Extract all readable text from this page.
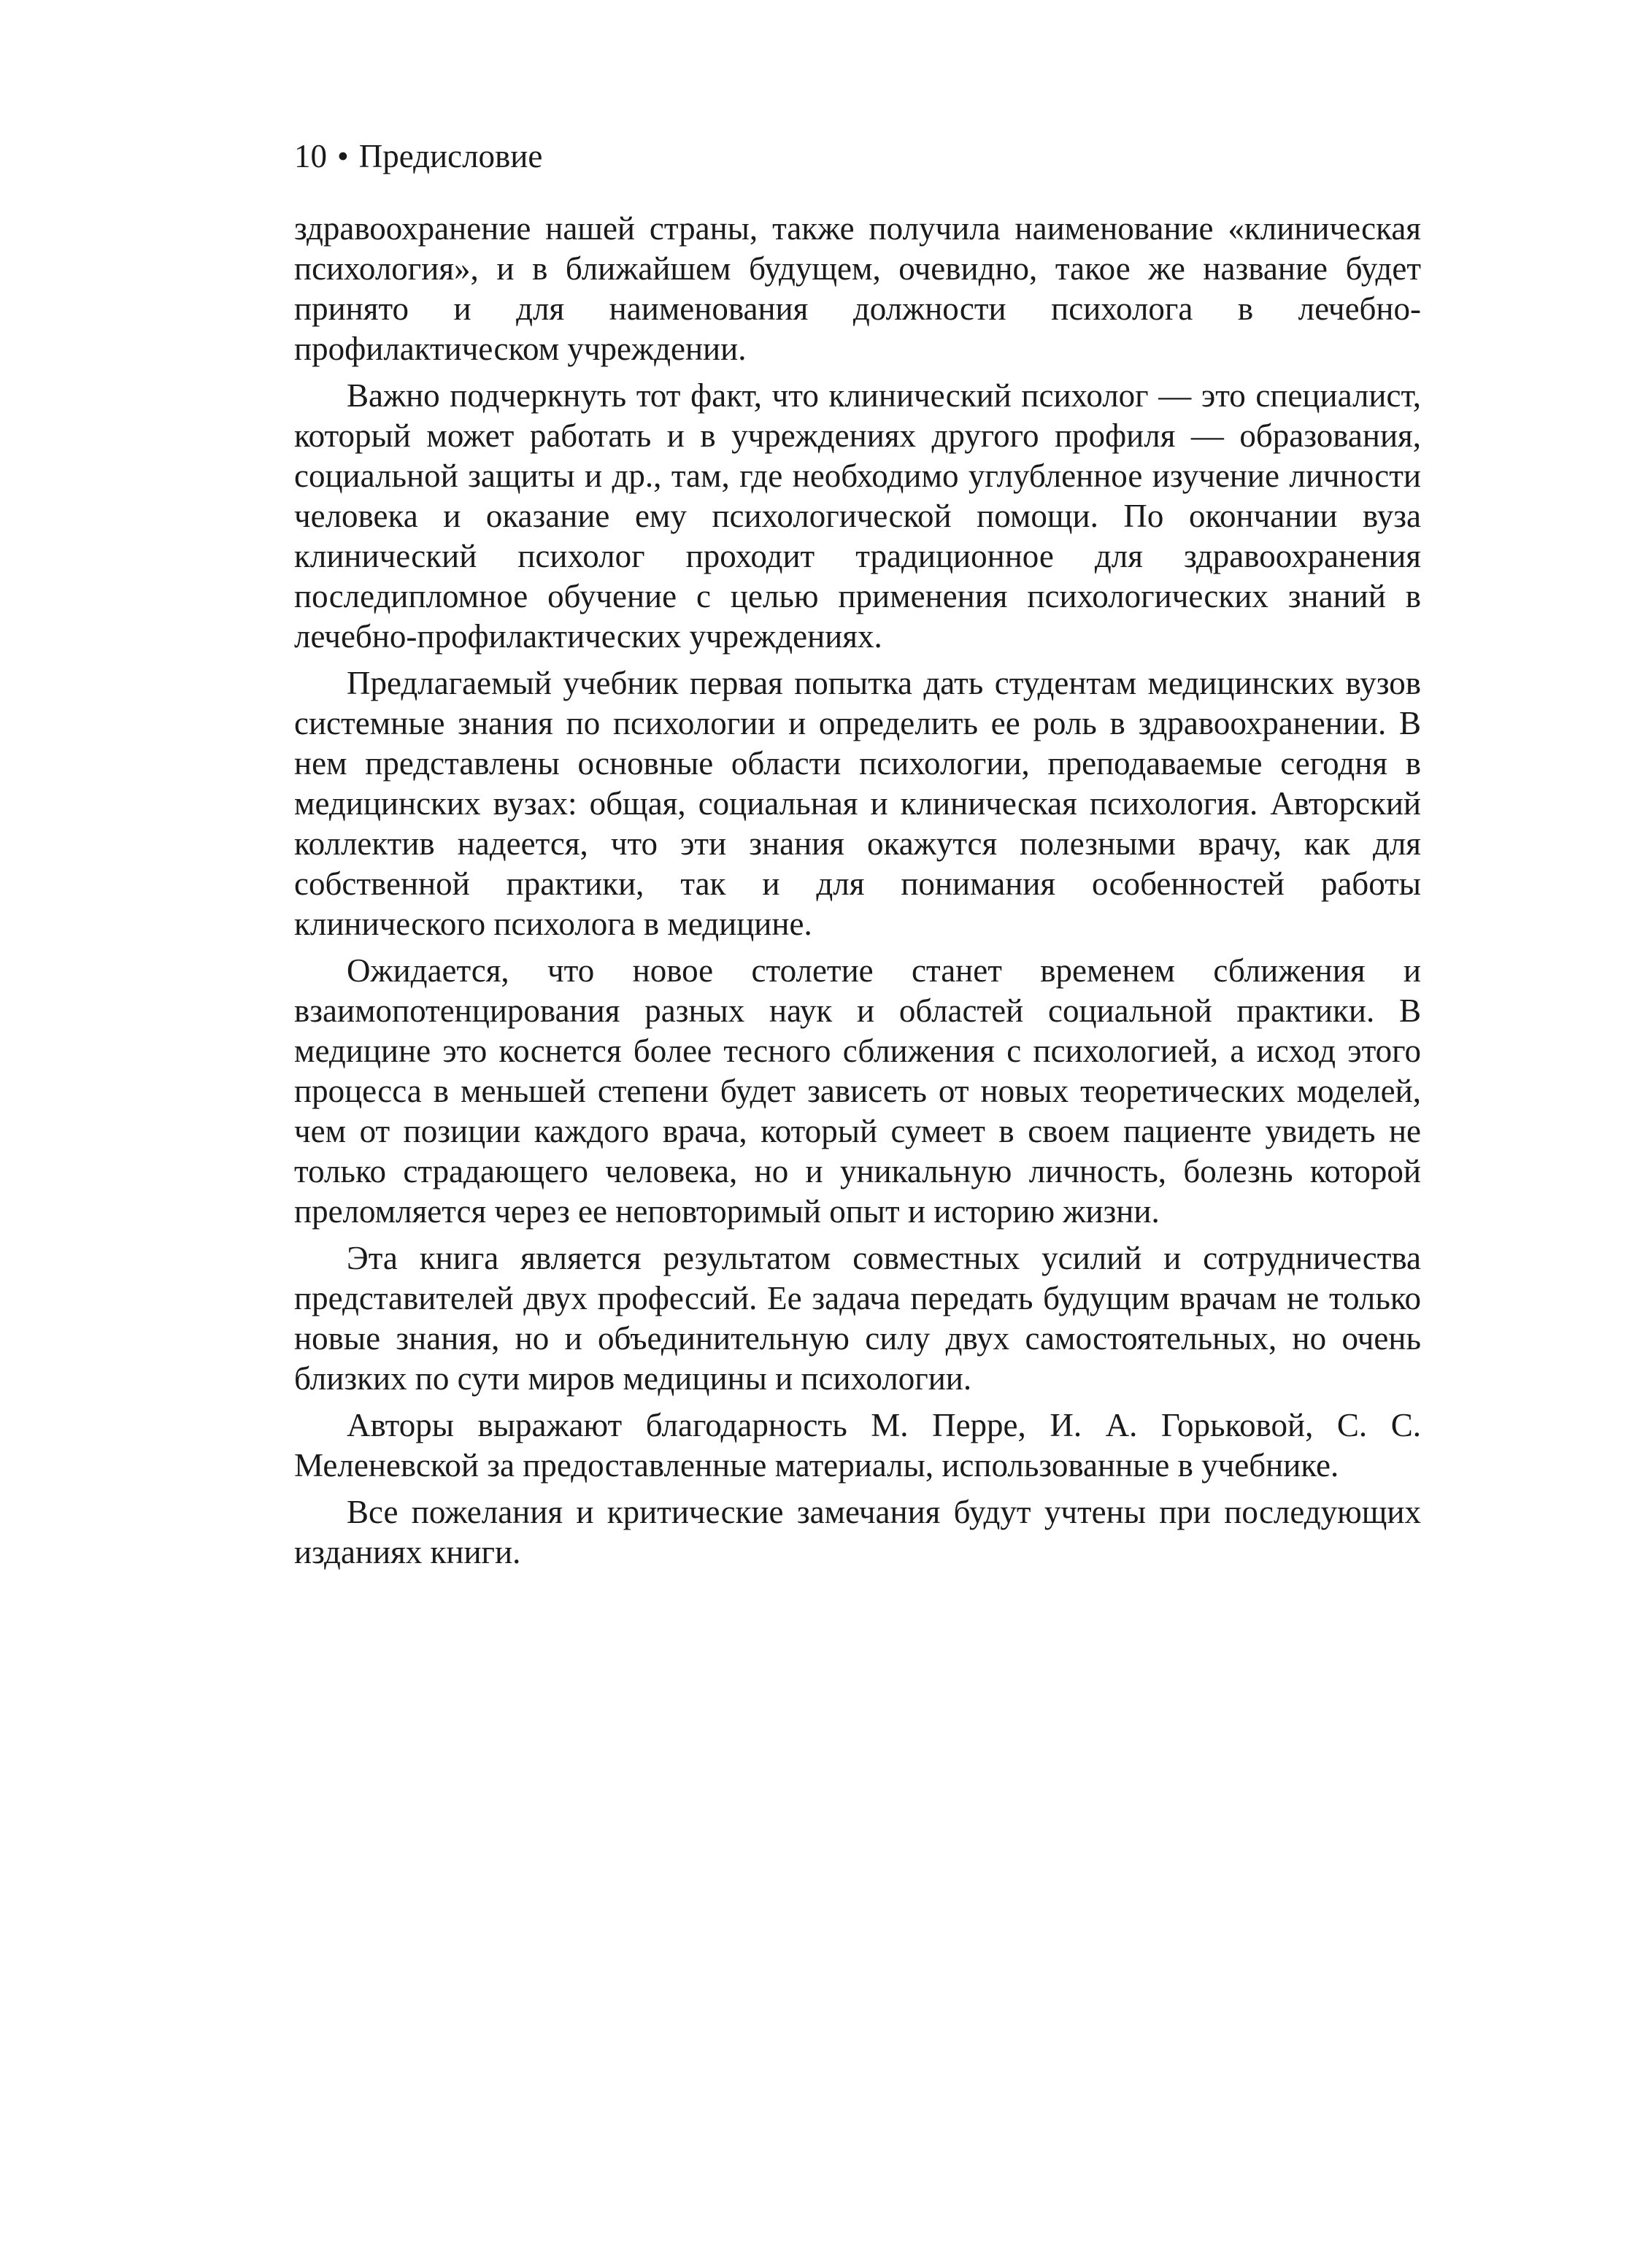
10 • Предисловие

здравоохранение нашей страны, также получила наименование «клиническая психология», и в ближайшем будущем, очевидно, такое же название будет принято и для наименования должности психолога в лечебно-профилактическом учреждении.

Важно подчеркнуть тот факт, что клинический психолог — это специалист, который может работать и в учреждениях другого профиля — образования, социальной защиты и др., там, где необходимо углубленное изучение личности человека и оказание ему психологической помощи. По окончании вуза клинический психолог проходит традиционное для здравоохранения последипломное обучение с целью применения психологических знаний в лечебно-профилактических учреждениях.

Предлагаемый учебник первая попытка дать студентам медицинских вузов системные знания по психологии и определить ее роль в здравоохранении. В нем представлены основные области психологии, преподаваемые сегодня в медицинских вузах: общая, социальная и клиническая психология. Авторский коллектив надеется, что эти знания окажутся полезными врачу, как для собственной практики, так и для понимания особенностей работы клинического психолога в медицине.

Ожидается, что новое столетие станет временем сближения и взаимопотенцирования разных наук и областей социальной практики. В медицине это коснется более тесного сближения с психологией, а исход этого процесса в меньшей степени будет зависеть от новых теоретических моделей, чем от позиции каждого врача, который сумеет в своем пациенте увидеть не только страдающего человека, но и уникальную личность, болезнь которой преломляется через ее неповторимый опыт и историю жизни.

Эта книга является результатом совместных усилий и сотрудничества представителей двух профессий. Ее задача передать будущим врачам не только новые знания, но и объединительную силу двух самостоятельных, но очень близких по сути миров медицины и психологии.

Авторы выражают благодарность М. Перре, И. А. Горьковой, С. С. Меленевской за предоставленные материалы, использованные в учебнике.

Все пожелания и критические замечания будут учтены при последующих изданиях книги.
